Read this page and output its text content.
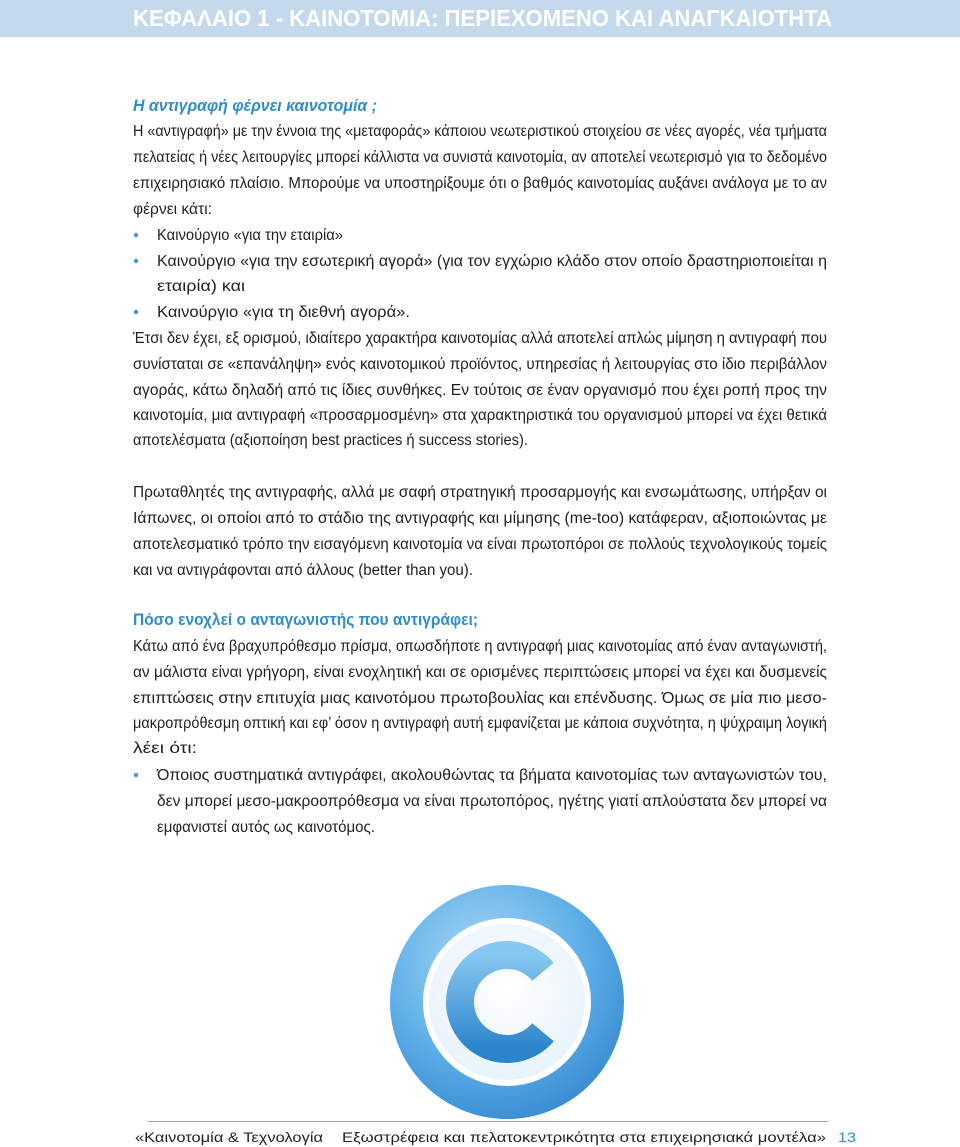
ΚΕΦΑΛΑΙΟ 1 - ΚΑΙΝΟΤΟΜΙΑ: ΠΕΡΙΕΧΟΜΕΝΟ ΚΑΙ ΑΝΑΓΚΑΙΟΤΗΤΑ
Η αντιγραφή φέρνει καινοτομία ;
Η «αντιγραφή» με την έννοια της «μεταφοράς» κάποιου νεωτεριστικού στοιχείου σε νέες αγορές, νέα τμήματα
πελατείας ή νέες λειτουργίες μπορεί κάλλιστα να συνιστά καινοτομία, αν αποτελεί νεωτερισμό για το δεδομένο
επιχειρησιακό πλαίσιο. Μπορούμε να υποστηρίξουμε ότι ο βαθμός καινοτομίας αυξάνει ανάλογα με το αν
φέρνει κάτι:
Καινούργιο «για την εταιρία»
Καινούργιο «για την εσωτερική αγορά» (για τον εγχώριο κλάδο στον οποίο δραστηριοποιείται η
εταιρία) και
Καινούργιο «για τη διεθνή αγορά».
Έτσι δεν έχει, εξ ορισμού, ιδιαίτερο χαρακτήρα καινοτομίας αλλά αποτελεί απλώς μίμηση η αντιγραφή που
συνίσταται σε «επανάληψη» ενός καινοτομικού προϊόντος, υπηρεσίας ή λειτουργίας στο ίδιο περιβάλλον
αγοράς, κάτω δηλαδή από τις ίδιες συνθήκες. Εν τούτοις σε έναν οργανισμό που έχει ροπή προς την
καινοτομία, μια αντιγραφή «προσαρμοσμένη» στα χαρακτηριστικά του οργανισμού μπορεί να έχει θετικά
αποτελέσματα (αξιοποίηση best practices ή success stories).
Πρωταθλητές της αντιγραφής, αλλά με σαφή στρατηγική προσαρμογής και ενσωμάτωσης, υπήρξαν οι
Ιάπωνες, οι οποίοι από το στάδιο της αντιγραφής και μίμησης (me-too) κατάφεραν, αξιοποιώντας με
αποτελεσματικό τρόπο την εισαγόμενη καινοτομία να είναι πρωτοπόροι σε πολλούς τεχνολογικούς τομείς
και να αντιγράφονται από άλλους (better than you).
Πόσο ενοχλεί ο ανταγωνιστής που αντιγράφει;
Κάτω από ένα βραχυπρόθεσμο πρίσμα, οπωσδήποτε η αντιγραφή μιας καινοτομίας από έναν ανταγωνιστή,
αν μάλιστα είναι γρήγορη, είναι ενοχλητική και σε ορισμένες περιπτώσεις μπορεί να έχει και δυσμενείς
επιπτώσεις στην επιτυχία μιας καινοτόμου πρωτοβουλίας και επένδυσης. Όμως σε μία πιο μεσο-
μακροπρόθεσμη οπτική και εφ’ όσον η αντιγραφή αυτή εμφανίζεται με κάποια συχνότητα, η ψύχραιμη λογική
λέει ότι:
Όποιος συστηματικά αντιγράφει, ακολουθώντας τα βήματα καινοτομίας των ανταγωνιστών του,
δεν μπορεί μεσο-μακροοπρόθεσμα να είναι πρωτοπόρος, ηγέτης γιατί απλούστατα δεν μπορεί να
εμφανιστεί αυτός ως καινοτόμος.
«Καινοτομία & Τεχνολογία Εξωστρέφεια και πελατοκεντρικότητα στα επιχειρησιακά μοντέλα» 13
